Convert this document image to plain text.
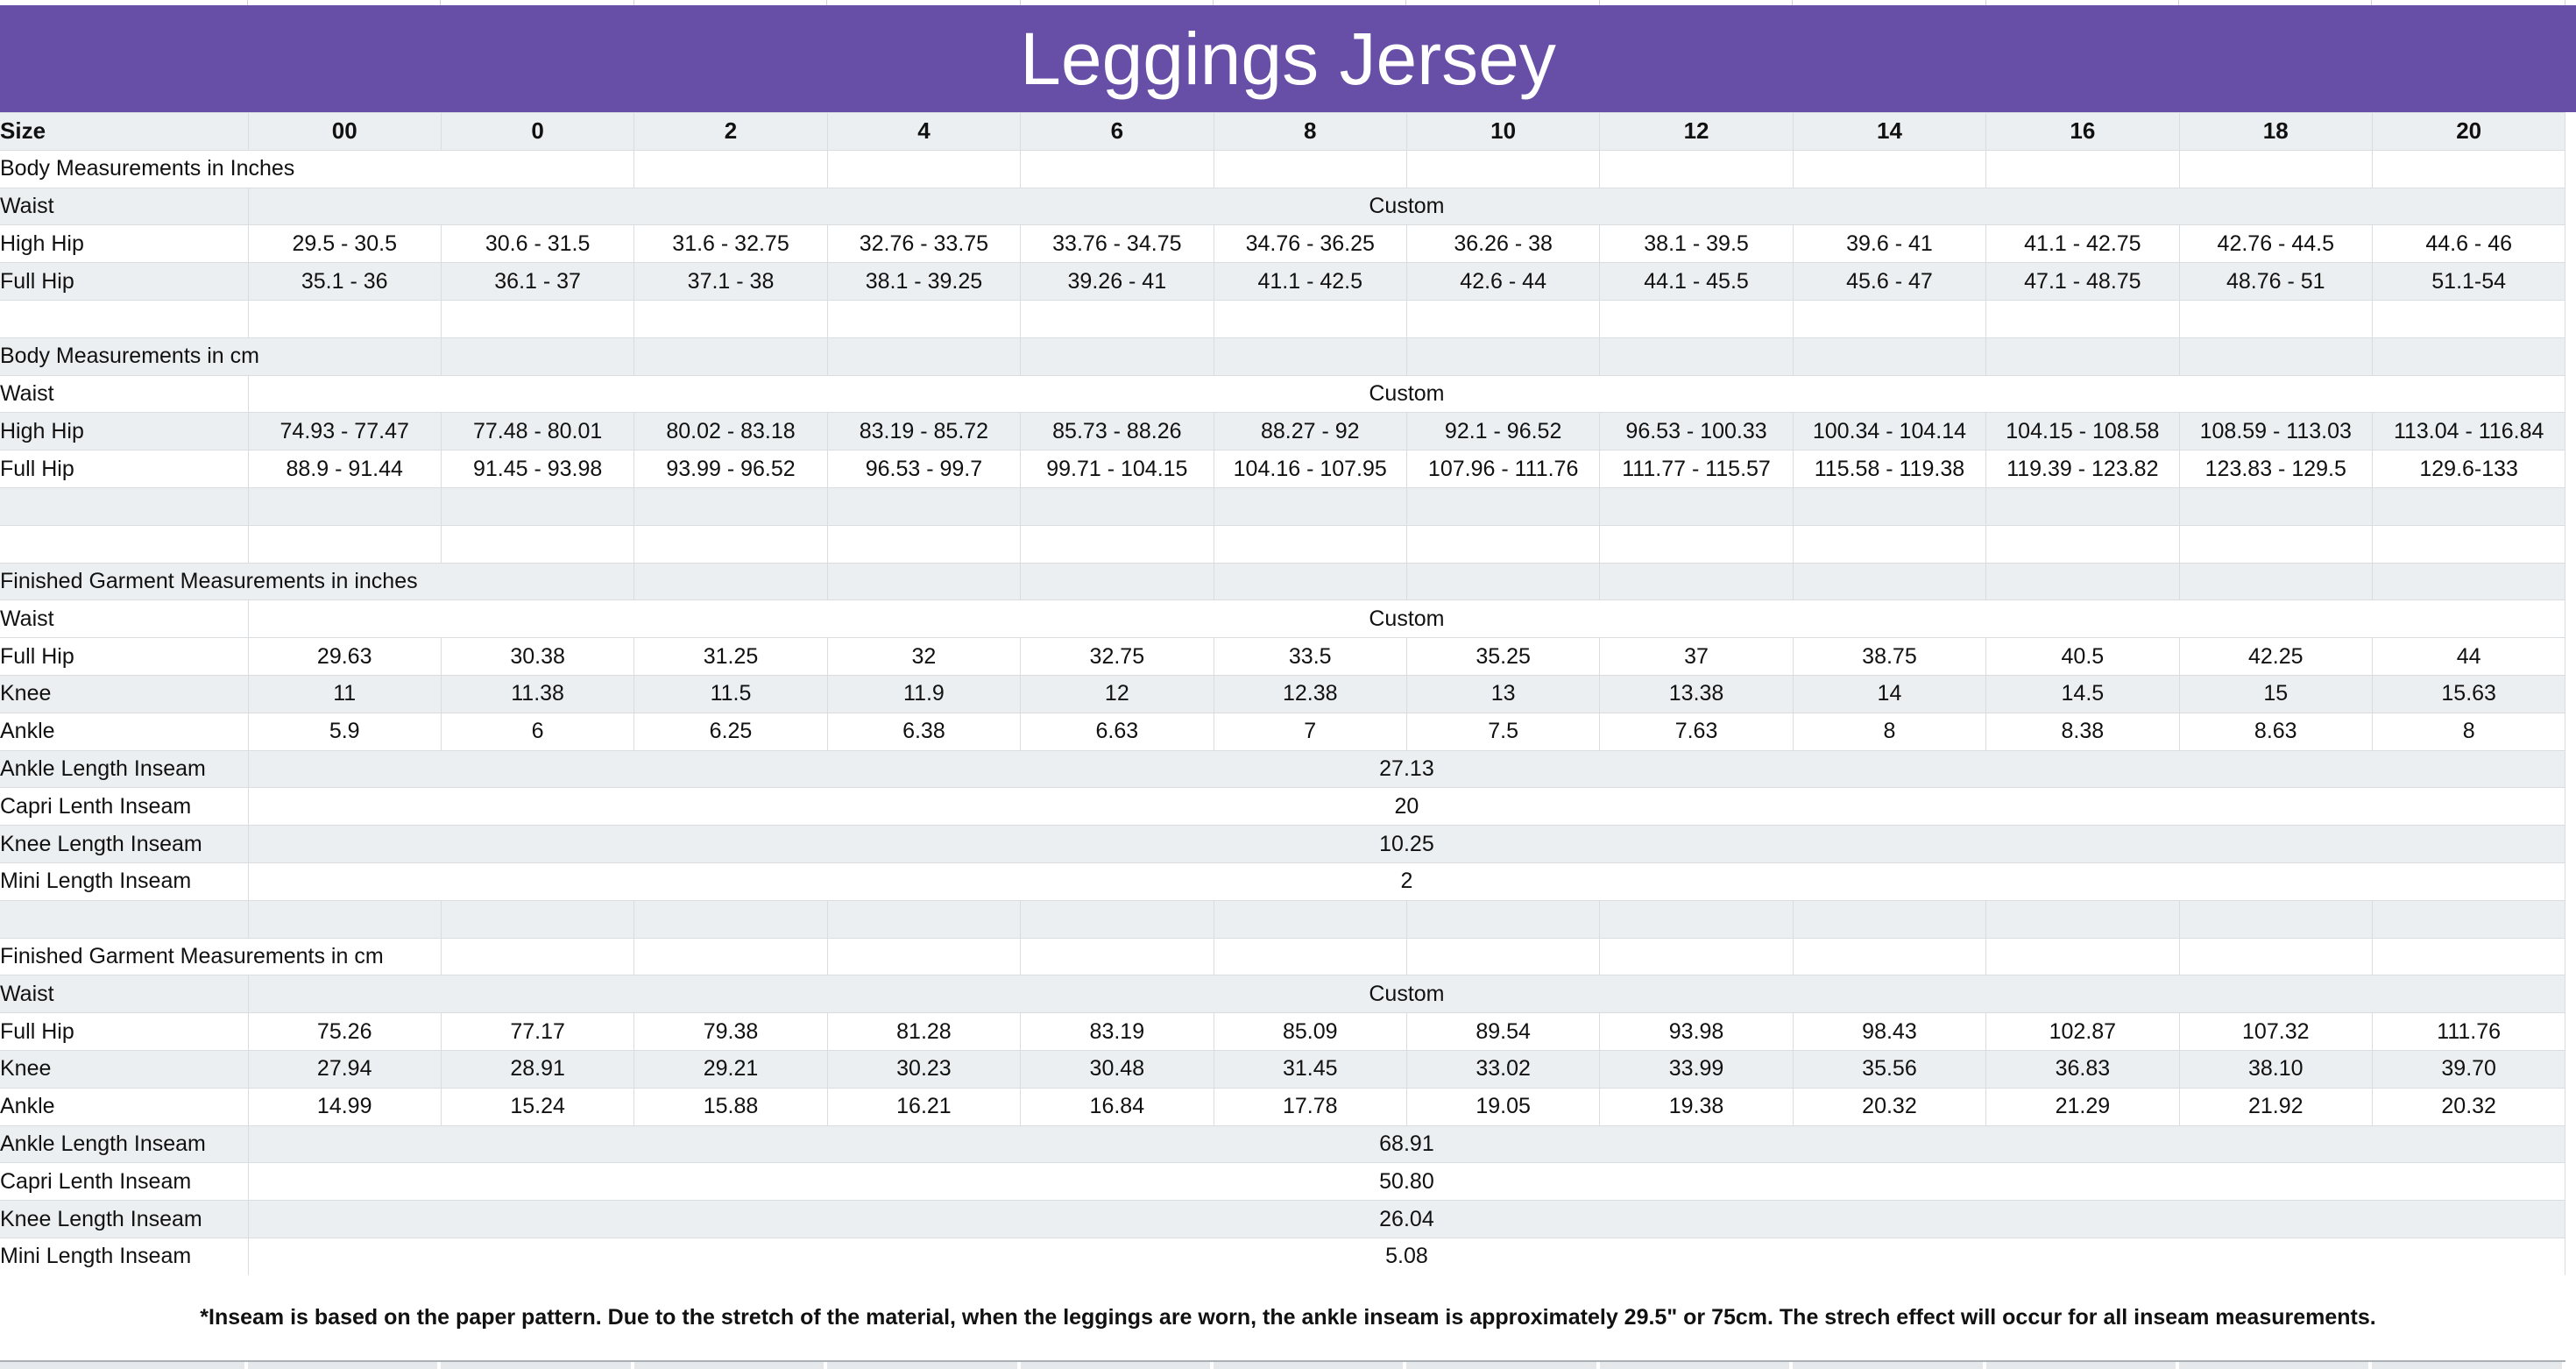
Leggings Jersey
Size	00	0	2	4	6	8	10	12	14	16	18	20
Body Measurements in Inches												
Waist	Custom											
High Hip	29.5 - 30.5	30.6 - 31.5	31.6 - 32.75	32.76 - 33.75	33.76 - 34.75	34.76 - 36.25	36.26 - 38	38.1 - 39.5	39.6 - 41	41.1 - 42.75	42.76 - 44.5	44.6 - 46
Full Hip	35.1 - 36	36.1 - 37	37.1 - 38	38.1 - 39.25	39.26 - 41	41.1 - 42.5	42.6 - 44	44.1 - 45.5	45.6 - 47	47.1 - 48.75	48.76 - 51	51.1-54

Body Measurements in cm												
Waist	Custom											
High Hip	74.93 - 77.47	77.48 - 80.01	80.02 - 83.18	83.19 - 85.72	85.73 - 88.26	88.27 - 92	92.1 - 96.52	96.53 - 100.33	100.34 - 104.14	104.15 - 108.58	108.59 - 113.03	113.04 - 116.84
Full Hip	88.9 - 91.44	91.45 - 93.98	93.99 - 96.52	96.53 - 99.7	99.71 - 104.15	104.16 - 107.95	107.96 - 111.76	111.77 - 115.57	115.58 - 119.38	119.39 - 123.82	123.83 - 129.5	129.6-133

Finished Garment Measurements in inches												
Waist	Custom											
Full Hip	29.63	30.38	31.25	32	32.75	33.5	35.25	37	38.75	40.5	42.25	44
Knee	11	11.38	11.5	11.9	12	12.38	13	13.38	14	14.5	15	15.63
Ankle	5.9	6	6.25	6.38	6.63	7	7.5	7.63	8	8.38	8.63	8
Ankle Length Inseam	27.13											
Capri Lenth Inseam	20											
Knee Length Inseam	10.25											
Mini Length Inseam	2											

Finished Garment Measurements in cm												
Waist	Custom											
Full Hip	75.26	77.17	79.38	81.28	83.19	85.09	89.54	93.98	98.43	102.87	107.32	111.76
Knee	27.94	28.91	29.21	30.23	30.48	31.45	33.02	33.99	35.56	36.83	38.10	39.70
Ankle	14.99	15.24	15.88	16.21	16.84	17.78	19.05	19.38	20.32	21.29	21.92	20.32
Ankle Length Inseam	68.91											
Capri Lenth Inseam	50.80											
Knee Length Inseam	26.04											
Mini Length Inseam	5.08											
*Inseam is based on the paper pattern. Due to the stretch of the material, when the leggings are worn, the ankle inseam is approximately 29.5" or 75cm. The strech effect will occur for all inseam measurements.
